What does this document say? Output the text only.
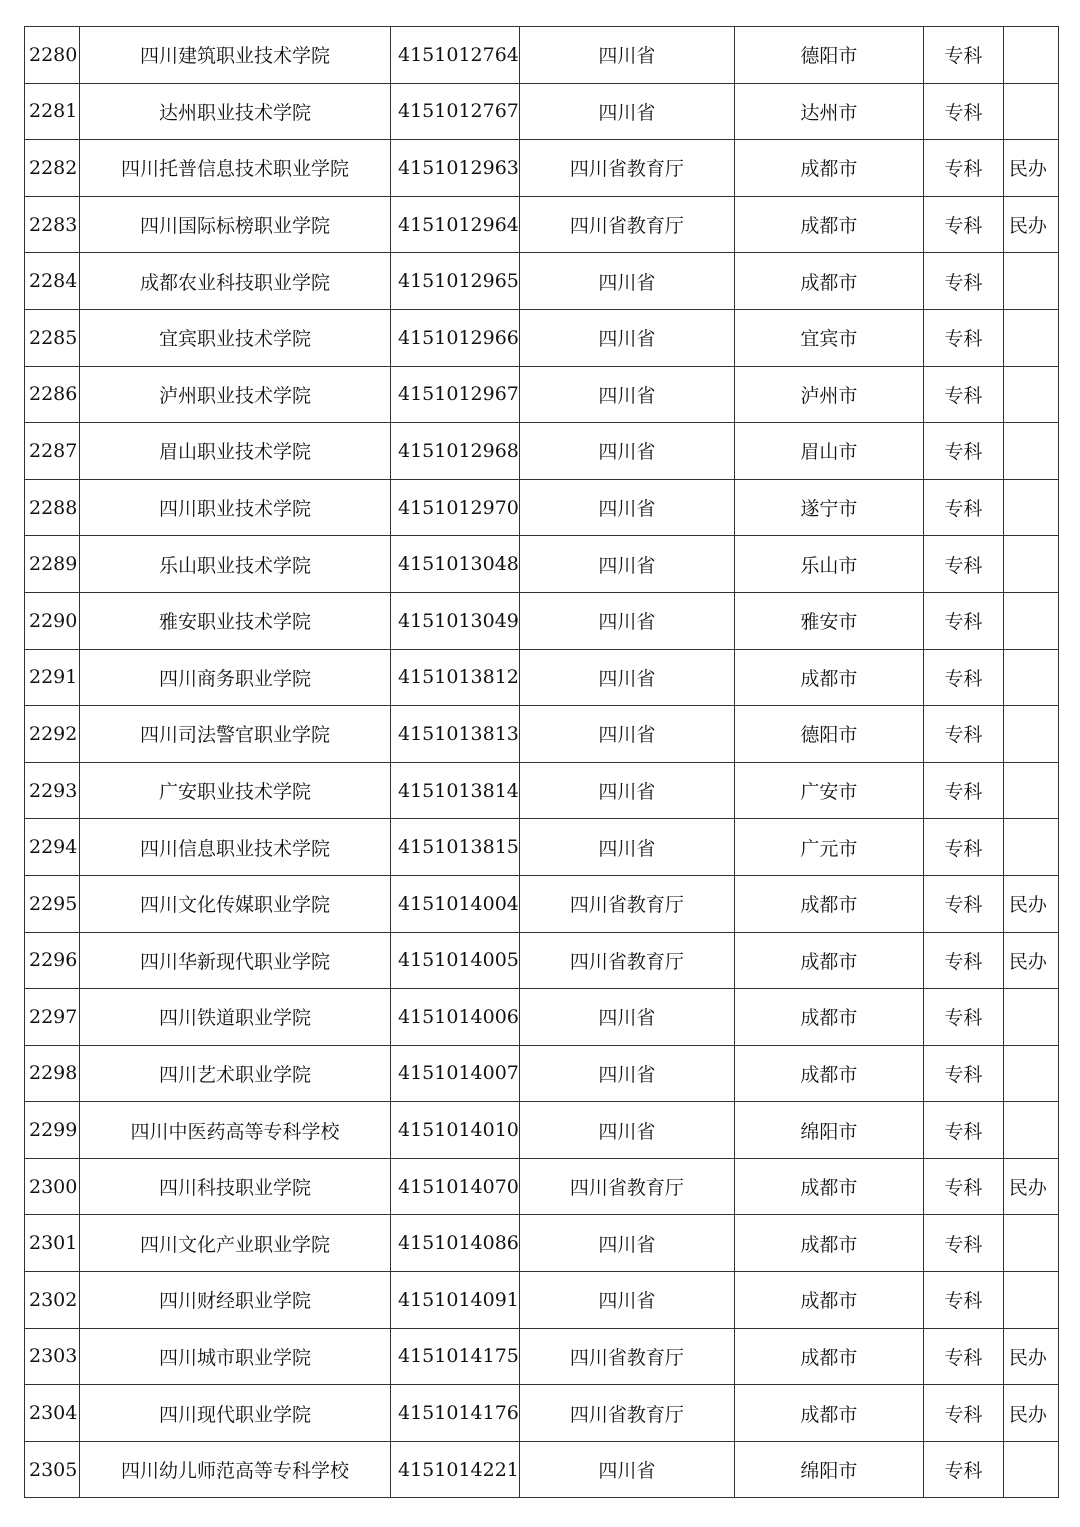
2280	四川建筑职业技术学院	4151012764	四川省	德阳市	专科	
2281	达州职业技术学院	4151012767	四川省	达州市	专科	
2282	四川托普信息技术职业学院	4151012963	四川省教育厅	成都市	专科	民办
2283	四川国际标榜职业学院	4151012964	四川省教育厅	成都市	专科	民办
2284	成都农业科技职业学院	4151012965	四川省	成都市	专科	
2285	宜宾职业技术学院	4151012966	四川省	宜宾市	专科	
2286	泸州职业技术学院	4151012967	四川省	泸州市	专科	
2287	眉山职业技术学院	4151012968	四川省	眉山市	专科	
2288	四川职业技术学院	4151012970	四川省	遂宁市	专科	
2289	乐山职业技术学院	4151013048	四川省	乐山市	专科	
2290	雅安职业技术学院	4151013049	四川省	雅安市	专科	
2291	四川商务职业学院	4151013812	四川省	成都市	专科	
2292	四川司法警官职业学院	4151013813	四川省	德阳市	专科	
2293	广安职业技术学院	4151013814	四川省	广安市	专科	
2294	四川信息职业技术学院	4151013815	四川省	广元市	专科	
2295	四川文化传媒职业学院	4151014004	四川省教育厅	成都市	专科	民办
2296	四川华新现代职业学院	4151014005	四川省教育厅	成都市	专科	民办
2297	四川铁道职业学院	4151014006	四川省	成都市	专科	
2298	四川艺术职业学院	4151014007	四川省	成都市	专科	
2299	四川中医药高等专科学校	4151014010	四川省	绵阳市	专科	
2300	四川科技职业学院	4151014070	四川省教育厅	成都市	专科	民办
2301	四川文化产业职业学院	4151014086	四川省	成都市	专科	
2302	四川财经职业学院	4151014091	四川省	成都市	专科	
2303	四川城市职业学院	4151014175	四川省教育厅	成都市	专科	民办
2304	四川现代职业学院	4151014176	四川省教育厅	成都市	专科	民办
2305	四川幼儿师范高等专科学校	4151014221	四川省	绵阳市	专科	
